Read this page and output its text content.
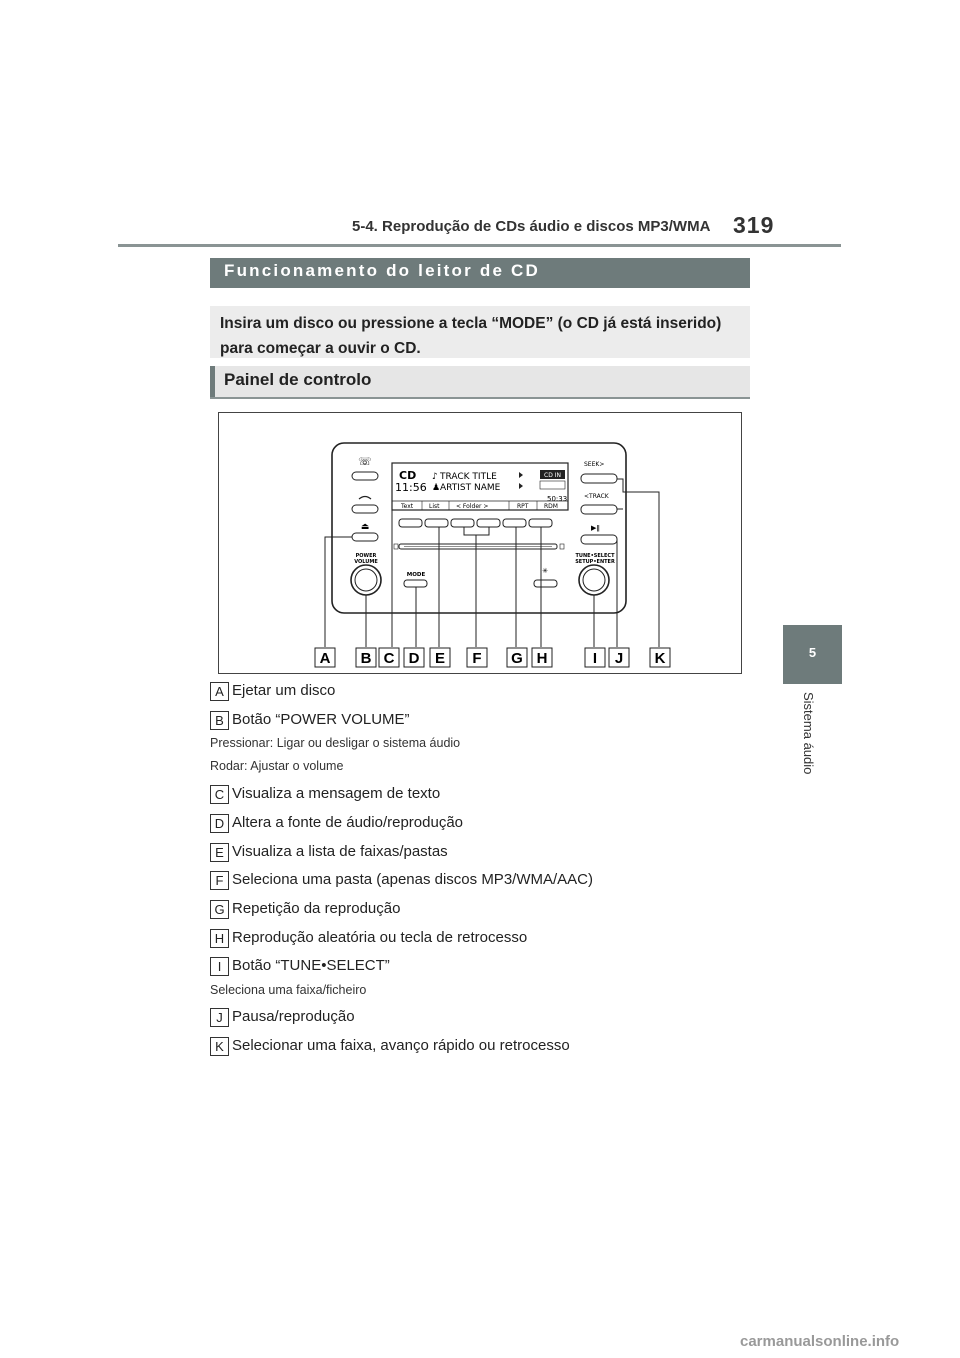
5-4. Reprodução de CDs áudio e discos MP3/WMA 319
Funcionamento do leitor de CD
Insira um disco ou pressione a tecla “MODE” (o CD já está inserido) para começar a ouvir o CD.
Painel de controlo
☏
⏏
CD
11:56
♪ TRACK TITLE
♟ ARTIST NAME
CD IN
50:33
Text	List	< Folder >	RPT	RDM
SEEK>
<TRACK
▶ǁ
POWER
VOLUME
TUNE•SELECT
SETUP•ENTER
MODE	✳
A B C D E F G H	I J K	5
Sistema áudio
A Ejetar um disco
B Botão “POWER VOLUME”
Pressionar: Ligar ou desligar o sistema áudio
Rodar: Ajustar o volume
C Visualiza a mensagem de texto
D Altera a fonte de áudio/reprodução
E Visualiza a lista de faixas/pastas
F Seleciona uma pasta (apenas discos MP3/WMA/AAC)
G Repetição da reprodução
H Reprodução aleatória ou tecla de retrocesso
I Botão “TUNE•SELECT”
Seleciona uma faixa/ficheiro
J Pausa/reprodução
K Selecionar uma faixa, avanço rápido ou retrocesso
carmanualsonline.info
